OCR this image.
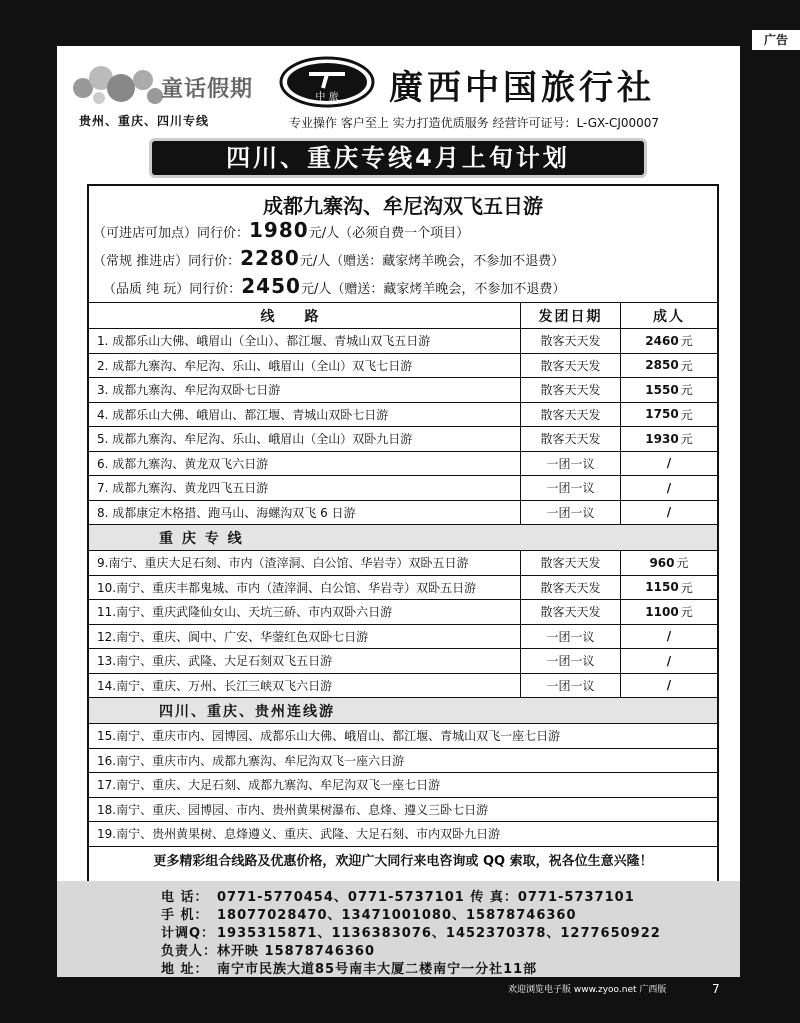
广告
童话假期
贵州、重庆、四川专线
中 旅 廣西中国旅行社
专业操作 客户至上 实力打造优质服务 经营许可证号：L-GX-CJ00007
四川、重庆专线4月上旬计划
成都九寨沟、牟尼沟双飞五日游
（可进店可加点）同行价：1980元/人（必须自费一个项目）
（常规 推进店）同行价：2280元/人（赠送：藏家烤羊晚会，不参加不退费）
（品质 纯 玩）同行价：2450元/人（赠送：藏家烤羊晚会，不参加不退费）
线路	发团日期	成人
1. 成都乐山大佛、峨眉山（全山）、都江堰、青城山双飞五日游	散客天天发	2460 元
2. 成都九寨沟、牟尼沟、乐山、峨眉山（全山）双飞七日游	散客天天发	2850 元
3. 成都九寨沟、牟尼沟双卧七日游	散客天天发	1550 元
4. 成都乐山大佛、峨眉山、都江堰、青城山双卧七日游	散客天天发	1750 元
5. 成都九寨沟、牟尼沟、乐山、峨眉山（全山）双卧九日游	散客天天发	1930 元
6. 成都九寨沟、黄龙双飞六日游	一团一议	/
7. 成都九寨沟、黄龙四飞五日游	一团一议	/
8. 成都康定木格措、跑马山、海螺沟双飞 6 日游	一团一议	/
重 庆 专 线
9.南宁、重庆大足石刻、市内（渣滓洞、白公馆、华岩寺）双卧五日游	散客天天发	960 元
10.南宁、重庆丰都鬼城、市内（渣滓洞、白公馆、华岩寺）双卧五日游	散客天天发	1150 元
11.南宁、重庆武隆仙女山、天坑三硚、市内双卧六日游	散客天天发	1100 元
12.南宁、重庆、阆中、广安、华蓥红色双卧七日游	一团一议	/
13.南宁、重庆、武隆、大足石刻双飞五日游	一团一议	/
14.南宁、重庆、万州、长江三峡双飞六日游	一团一议	/
四川、重庆、贵州连线游
15.南宁、重庆市内、园博园、成都乐山大佛、峨眉山、都江堰、青城山双飞一座七日游
16.南宁、重庆市内、成都九寨沟、牟尼沟双飞一座六日游
17.南宁、重庆、大足石刻、成都九寨沟、牟尼沟双飞一座七日游
18.南宁、重庆、园博园、市内、贵州黄果树瀑布、息烽、遵义三卧七日游
19.南宁、贵州黄果树、息烽遵义、重庆、武隆、大足石刻、市内双卧九日游
更多精彩组合线路及优惠价格，欢迎广大同行来电咨询或 QQ 索取，祝各位生意兴隆！
电 话： 0771-5770454、0771-5737101 传 真：0771-5737101
手 机： 18077028470、13471001080、15878746360
计调Q： 1935315871、1136383076、1452370378、1277650922
负责人：林开映 15878746360
地 址： 南宁市民族大道85号南丰大厦二楼南宁一分社11部
欢迎浏览电子版 www.zyoo.net 广西版	7
